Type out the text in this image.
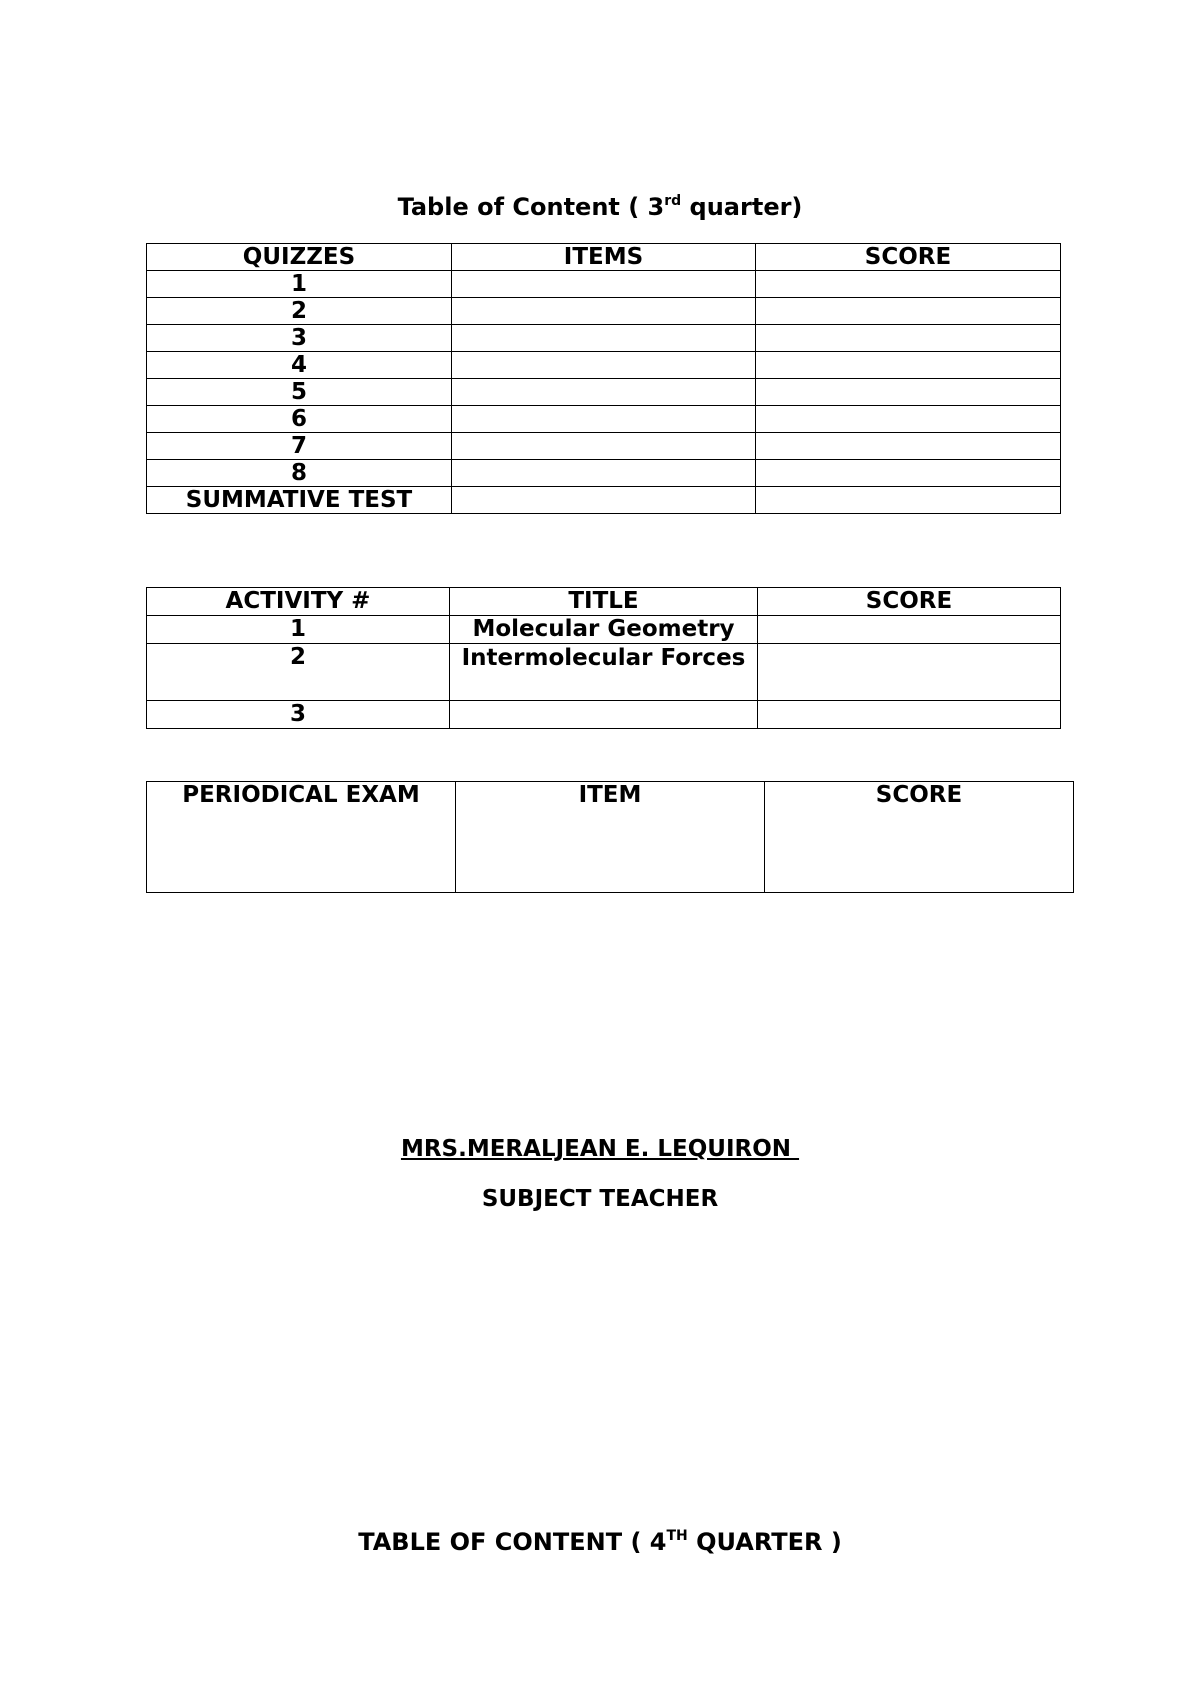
Table of Content ( 3rd quarter)
QUIZZES	ITEMS	SCORE
1		
2		
3		
4		
5		
6		
7		
8		
SUMMATIVE TEST		
ACTIVITY #	TITLE	SCORE
1	Molecular Geometry	
2	Intermolecular Forces	
3		
PERIODICAL EXAM	ITEM	SCORE
MRS.MERALJEAN E. LEQUIRON
SUBJECT TEACHER
TABLE OF CONTENT ( 4TH QUARTER )
